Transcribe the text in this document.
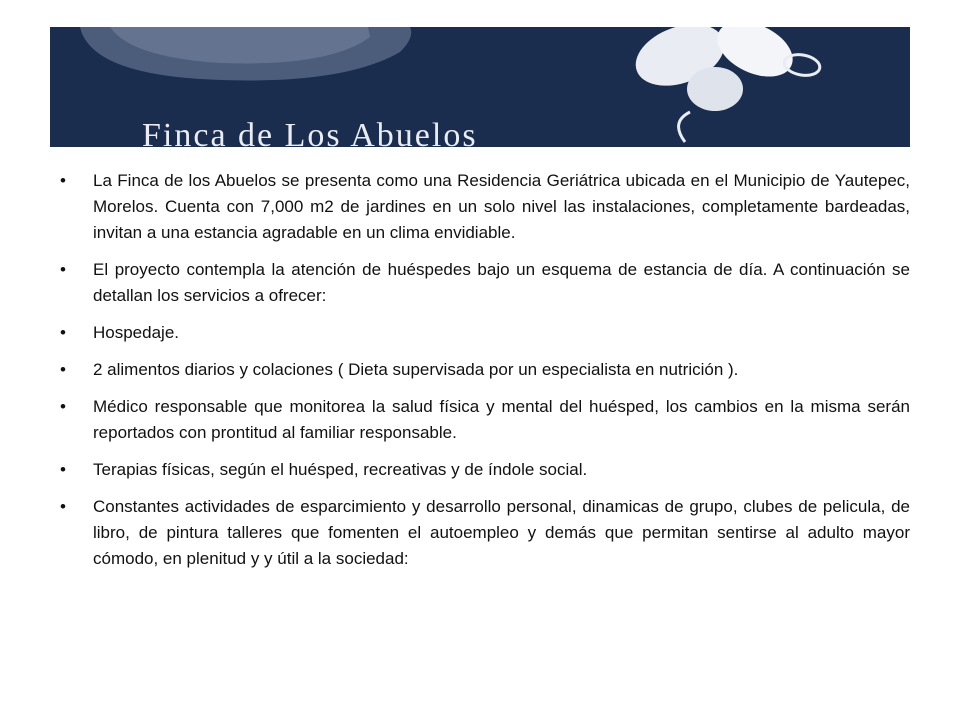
Finca de Los Abuelos
• La Finca de los Abuelos se presenta como una Residencia Geriátrica ubicada en el Municipio de Yautepec, Morelos. Cuenta con 7,000 m2 de jardines en un solo nivel las instalaciones, completamente bardeadas, invitan a una estancia agradable en un clima envidiable.
• El proyecto contempla la atención de huéspedes bajo un esquema de estancia de día. A continuación se detallan los servicios a ofrecer:
• Hospedaje.
• 2 alimentos diarios y colaciones ( Dieta supervisada por un especialista en nutrición ).
• Médico responsable que monitorea la salud física y mental del huésped, los cambios en la misma serán reportados con prontitud al familiar responsable.
• Terapias físicas, según el huésped, recreativas y de índole social.
• Constantes actividades de esparcimiento y desarrollo personal, dinamicas de grupo, clubes de pelicula, de libro, de pintura talleres que fomenten el autoempleo y demás que permitan sentirse al adulto mayor cómodo, en plenitud y y útil a la sociedad:
